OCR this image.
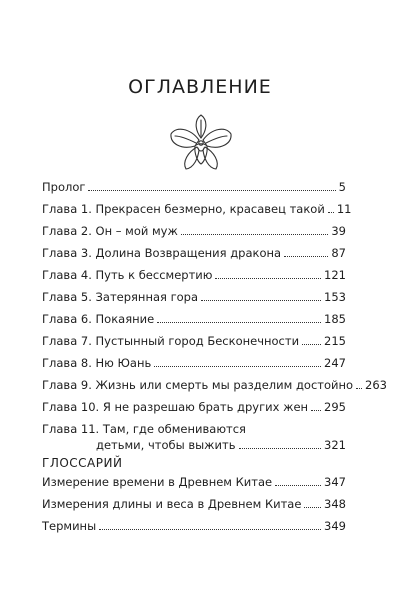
ОГЛАВЛЕНИЕ
Пролог	5
Глава 1. Прекрасен безмерно, красавец такой 11
Глава 2. Он – мой муж	39
Глава 3. Долина Возвращения дракона	87
Глава 4. Путь к бессмертию	121
Глава 5. Затерянная гора	153
Глава 6. Покаяние	185
Глава 7. Пустынный город Бесконечности 215
Глава 8. Ню Юань	247
Глава 9. Жизнь или смерть мы разделим достойно 263
Глава 10. Я не разрешаю брать других жен 295
Глава 11. Там, где обмениваются
детьми, чтобы выжить	321
ГЛОССАРИЙ
Измерение времени в Древнем Китае	347
Измерения длины и веса в Древнем Китае 348
Термины	349
